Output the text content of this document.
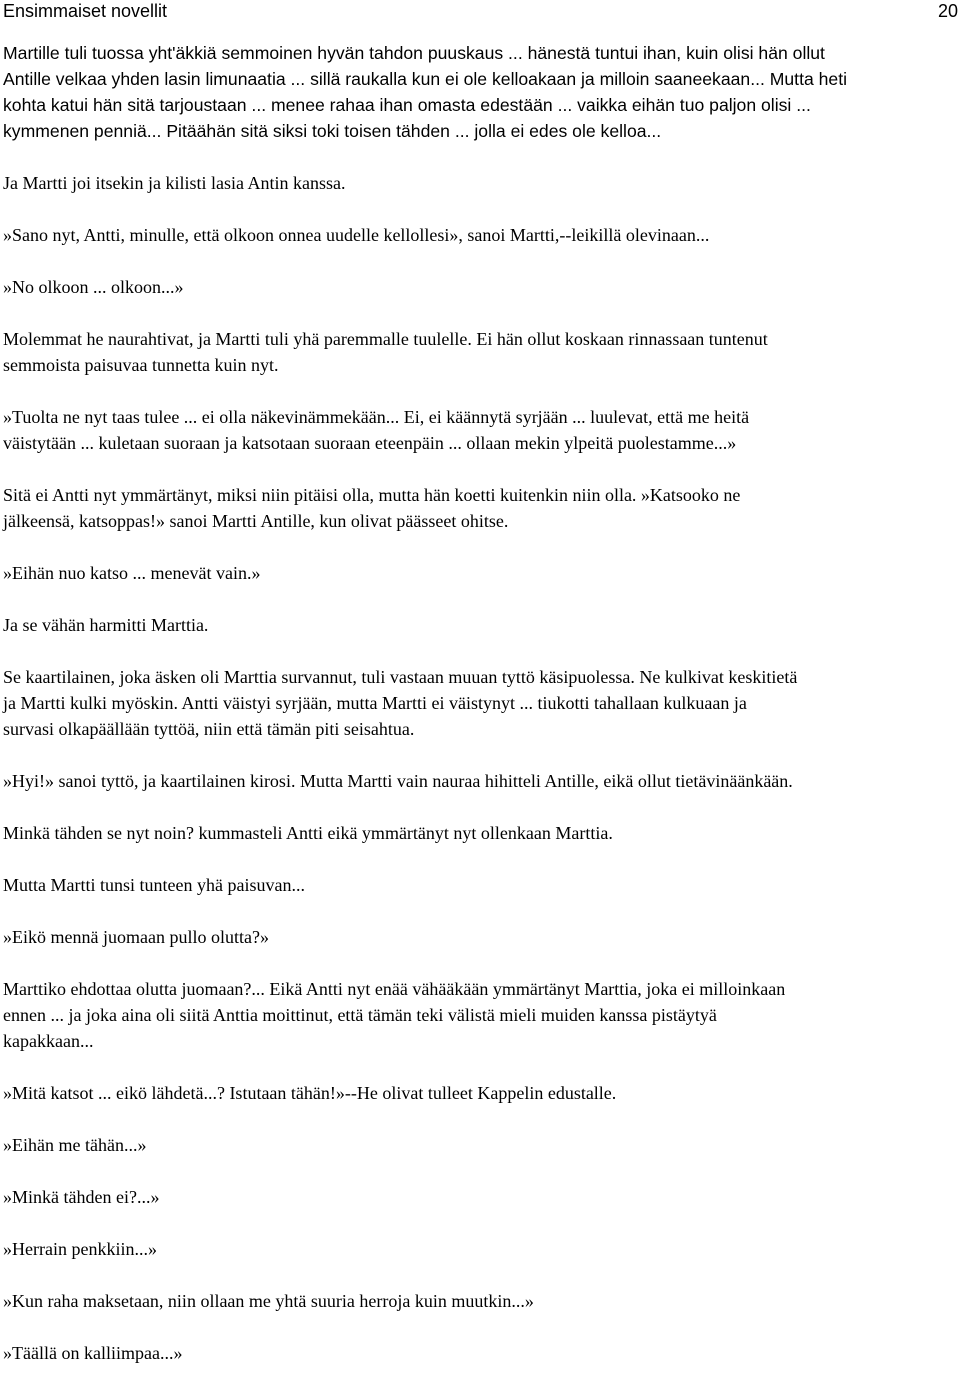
Ensimmaiset novellit	20

Martille tuli tuossa yht'äkkiä semmoinen hyvän tahdon puuskaus ... hänestä tuntui ihan, kuin olisi hän ollut
Antille velkaa yhden lasin limunaatia ... sillä raukalla kun ei ole kelloakaan ja milloin saaneekaan... Mutta heti
kohta katui hän sitä tarjoustaan ... menee rahaa ihan omasta edestään ... vaikka eihän tuo paljon olisi ...
kymmenen penniä... Pitäähän sitä siksi toki toisen tähden ... jolla ei edes ole kelloa...

Ja Martti joi itsekin ja kilisti lasia Antin kanssa.

»Sano nyt, Antti, minulle, että olkoon onnea uudelle kellollesi», sanoi Martti,--leikillä olevinaan...

»No olkoon ... olkoon...»

Molemmat he naurahtivat, ja Martti tuli yhä paremmalle tuulelle. Ei hän ollut koskaan rinnassaan tuntenut
semmoista paisuvaa tunnetta kuin nyt.

»Tuolta ne nyt taas tulee ... ei olla näkevinämmekään... Ei, ei käännytä syrjään ... luulevat, että me heitä
väistytään ... kuletaan suoraan ja katsotaan suoraan eteenpäin ... ollaan mekin ylpeitä puolestamme...»

Sitä ei Antti nyt ymmärtänyt, miksi niin pitäisi olla, mutta hän koetti kuitenkin niin olla. »Katsooko ne
jälkeensä, katsoppas!» sanoi Martti Antille, kun olivat päässeet ohitse.

»Eihän nuo katso ... menevät vain.»

Ja se vähän harmitti Marttia.

Se kaartilainen, joka äsken oli Marttia survannut, tuli vastaan muuan tyttö käsipuolessa. Ne kulkivat keskitietä
ja Martti kulki myöskin. Antti väistyi syrjään, mutta Martti ei väistynyt ... tiukotti tahallaan kulkuaan ja
survasi olkapäällään tyttöä, niin että tämän piti seisahtua.

»Hyi!» sanoi tyttö, ja kaartilainen kirosi. Mutta Martti vain nauraa hihitteli Antille, eikä ollut tietävinäänkään.

Minkä tähden se nyt noin? kummasteli Antti eikä ymmärtänyt nyt ollenkaan Marttia.

Mutta Martti tunsi tunteen yhä paisuvan...

»Eikö mennä juomaan pullo olutta?»

Marttiko ehdottaa olutta juomaan?... Eikä Antti nyt enää vähääkään ymmärtänyt Marttia, joka ei milloinkaan
ennen ... ja joka aina oli siitä Anttia moittinut, että tämän teki välistä mieli muiden kanssa pistäytyä
kapakkaan...

»Mitä katsot ... eikö lähdetä...? Istutaan tähän!»--He olivat tulleet Kappelin edustalle.

»Eihän me tähän...»

»Minkä tähden ei?...»

»Herrain penkkiin...»

»Kun raha maksetaan, niin ollaan me yhtä suuria herroja kuin muutkin...»

»Täällä on kalliimpaa...»
